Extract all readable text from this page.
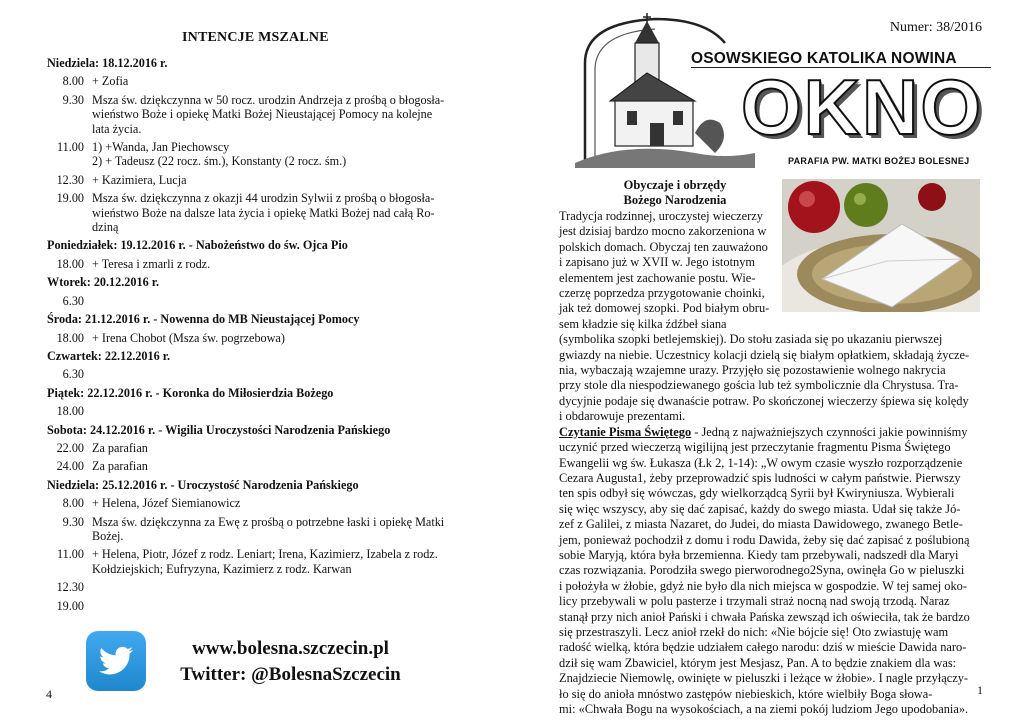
INTENCJE MSZALNE
Niedziela: 18.12.2016 r.
8.00 + Zofia
9.30 Msza św. dziękczynna w 50 rocz. urodzin Andrzeja z prośbą o błogosła-
wieństwo Boże i opiekę Matki Bożej Nieustającej Pomocy na kolejne
lata życia.
11.00 1) +Wanda, Jan Piechowscy
2) + Tadeusz (22 rocz. śm.), Konstanty (2 rocz. śm.)
12.30 + Kazimiera, Lucja
19.00 Msza św. dziękczynna z okazji 44 urodzin Sylwii z prośbą o błogosła-
wieństwo Boże na dalsze lata życia i opiekę Matki Bożej nad całą Ro-
dziną
Poniedziałek: 19.12.2016 r. - Nabożeństwo do św. Ojca Pio
18.00 + Teresa i zmarli z rodz.
Wtorek: 20.12.2016 r.
6.30

Środa: 21.12.2016 r. - Nowenna do MB Nieustającej Pomocy
18.00 + Irena Chobot (Msza św. pogrzebowa)
Czwartek: 22.12.2016 r.
6.30

Piątek: 22.12.2016 r. - Koronka do Miłosierdzia Bożego
18.00

Sobota: 24.12.2016 r. - Wigilia Uroczystości Narodzenia Pańskiego
22.00 Za parafian
24.00 Za parafian
Niedziela: 25.12.2016 r. - Uroczystość Narodzenia Pańskiego
8.00 + Helena, Józef Siemianowicz
9.30 Msza św. dziękczynna za Ewę z prośbą o potrzebne łaski i opiekę Matki
Bożej.
11.00 + Helena, Piotr, Józef z rodz. Leniart; Irena, Kazimierz, Izabela z rodz.
Kołdziejskich; Eufryzyna, Kazimierz z rodz. Karwan
12.30

19.00

www.bolesna.szczecin.pl
Twitter: @BolesnaSzczecin
4
Numer: 38/2016
OSOWSKIEGO KATOLIKA NOWINA
OKNO
PARAFIA PW. MATKI BOŻEJ BOLESNEJ
Obyczaje i obrzędy
Bożego Narodzenia
Tradycja rodzinnej, uroczystej wieczerzy
jest dzisiaj bardzo mocno zakorzeniona w
polskich domach. Obyczaj ten zauważono
i zapisano już w XVII w. Jego istotnym
elementem jest zachowanie postu. Wie-
czerzę poprzedza przygotowanie choinki,
jak też domowej szopki. Pod białym obru-
sem kładzie się kilka źdźbeł siana
(symbolika szopki betlejemskiej). Do stołu zasiada się po ukazaniu pierwszej
gwiazdy na niebie. Uczestnicy kolacji dzielą się białym opłatkiem, składają życze-
nia, wybaczają wzajemne urazy. Przyjęło się pozostawienie wolnego nakrycia
przy stole dla niespodziewanego gościa lub też symbolicznie dla Chrystusa. Tra-
dycyjnie podaje się dwanaście potraw. Po skończonej wieczerzy śpiewa się kolędy
i obdarowuje prezentami.
Czytanie Pisma Świętego - Jedną z najważniejszych czynności jakie powinniśmy
uczynić przed wieczerzą wigilijną jest przeczytanie fragmentu Pisma Świętego
Ewangelii wg św. Łukasza (Łk 2, 1-14): „W owym czasie wyszło rozporządzenie
Cezara Augusta1, żeby przeprowadzić spis ludności w całym państwie. Pierwszy
ten spis odbył się wówczas, gdy wielkorządcą Syrii był Kwiryniusza. Wybierali
się więc wszyscy, aby się dać zapisać, każdy do swego miasta. Udał się także Jó-
zef z Galilei, z miasta Nazaret, do Judei, do miasta Dawidowego, zwanego Betle-
jem, ponieważ pochodził z domu i rodu Dawida, żeby się dać zapisać z poślubioną
sobie Maryją, która była brzemienna. Kiedy tam przebywali, nadszedł dla Maryi
czas rozwiązania. Porodziła swego pierworodnego2Syna, owinęła Go w pieluszki
i położyła w żłobie, gdyż nie było dla nich miejsca w gospodzie. W tej samej oko-
licy przebywali w polu pasterze i trzymali straż nocną nad swoją trzodą. Naraz
stanął przy nich anioł Pański i chwała Pańska zewsząd ich oświeciła, tak że bardzo
się przestraszyli. Lecz anioł rzekł do nich: «Nie bójcie się! Oto zwiastuję wam
radość wielką, która będzie udziałem całego narodu: dziś w mieście Dawida naro-
dził się wam Zbawiciel, którym jest Mesjasz, Pan. A to będzie znakiem dla was:
Znajdziecie Niemowlę, owinięte w pieluszki i leżące w żłobie». I nagle przyłączy-
ło się do anioła mnóstwo zastępów niebieskich, które wielbiły Boga słowa-
mi: «Chwała Bogu na wysokościach, a na ziemi pokój ludziom Jego upodobania».
1
